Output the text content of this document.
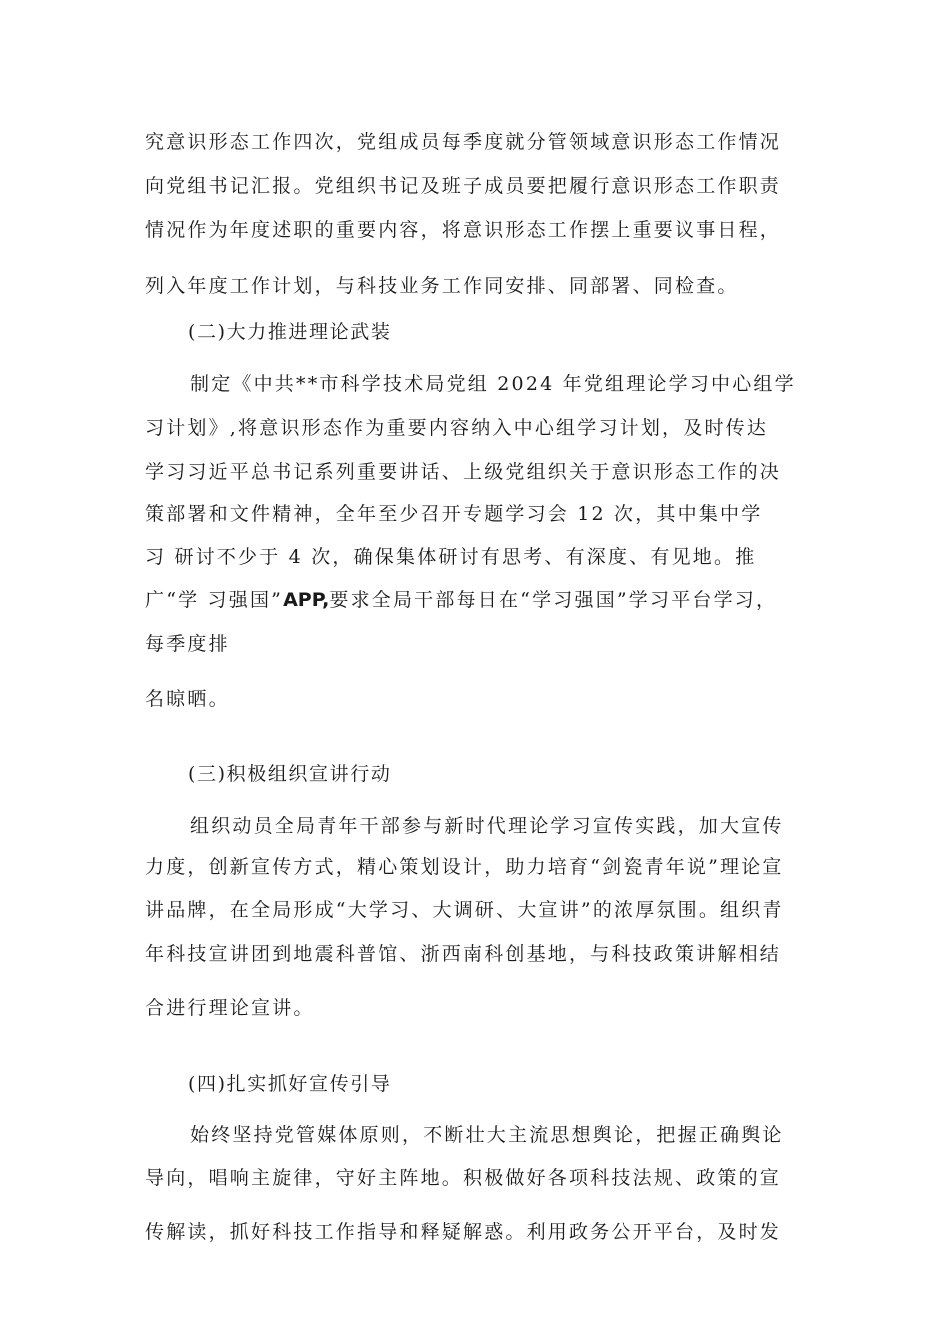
究意识形态工作四次，党组成员每季度就分管领域意识形态工作情况

向党组书记汇报。党组织书记及班子成员要把履行意识形态工作职责

情况作为年度述职的重要内容，将意识形态工作摆上重要议事日程，

列入年度工作计划，与科技业务工作同安排、同部署、同检查。

(二)大力推进理论武装

制定《中共**市科学技术局党组 2024 年党组理论学习中心组学

习计划》,将意识形态作为重要内容纳入中心组学习计划，及时传达

学习习近平总书记系列重要讲话、上级党组织关于意识形态工作的决

策部署和文件精神，全年至少召开专题学习会 12 次，其中集中学

习 研讨不少于 4 次，确保集体研讨有思考、有深度、有见地。推

广“学 习强国”APP,要求全局干部每日在“学习强国”学习平台学习，

每季度排

名晾晒。

(三)积极组织宣讲行动

组织动员全局青年干部参与新时代理论学习宣传实践，加大宣传

力度，创新宣传方式，精心策划设计，助力培育“剑瓷青年说”理论宣

讲品牌，在全局形成“大学习、大调研、大宣讲”的浓厚氛围。组织青

年科技宣讲团到地震科普馆、浙西南科创基地，与科技政策讲解相结

合进行理论宣讲。

(四)扎实抓好宣传引导

始终坚持党管媒体原则，不断壮大主流思想舆论，把握正确舆论

导向，唱响主旋律，守好主阵地。积极做好各项科技法规、政策的宣

传解读，抓好科技工作指导和释疑解惑。利用政务公开平台，及时发
